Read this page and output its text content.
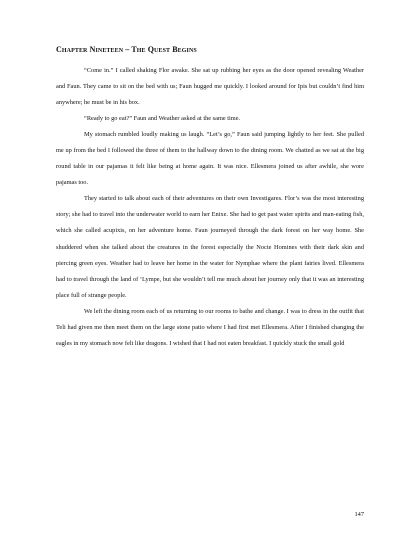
Chapter Nineteen – The Quest Begins

“Come in.” I called shaking Flor awake. She sat up rubbing her eyes as the door opened revealing Weather and Faun. They came to sit on the bed with us; Faun hugged me quickly. I looked around for Ipis but couldn’t find him anywhere; he must be in his box.

“Ready to go eat?” Faun and Weather asked at the same time.

My stomach rumbled loudly making us laugh. “Let’s go,” Faun said jumping lightly to her feet. She pulled me up from the bed I followed the three of them to the hallway down to the dining room. We chatted as we sat at the big round table in our pajamas it felt like being at home again. It was nice. Ellesmera joined us after awhile, she wore pajamas too.

They started to talk about each of their adventures on their own Investigares. Flor’s was the most interesting story; she had to travel into the underwater world to earn her Enixe. She had to get past water spirits and man-eating fish, which she called acupixis, on her adventure home. Faun journeyed through the dark forest on her way home. She shuddered when she talked about the creatures in the forest especially the Nocte Homines with their dark skin and piercing green eyes. Weather had to leave her home in the water for Nymphae where the plant fairies lived. Ellesmera had to travel through the land of ‘Lympe, but she wouldn’t tell me much about her journey only that it was an interesting place full of strange people.

We left the dining room each of us returning to our rooms to bathe and change. I was to dress in the outfit that Teli had given me then meet them on the large stone patio where I had first met Ellesmera. After I finished changing the eagles in my stomach now felt like dragons. I wished that I had not eaten breakfast. I quickly stuck the small gold

147
